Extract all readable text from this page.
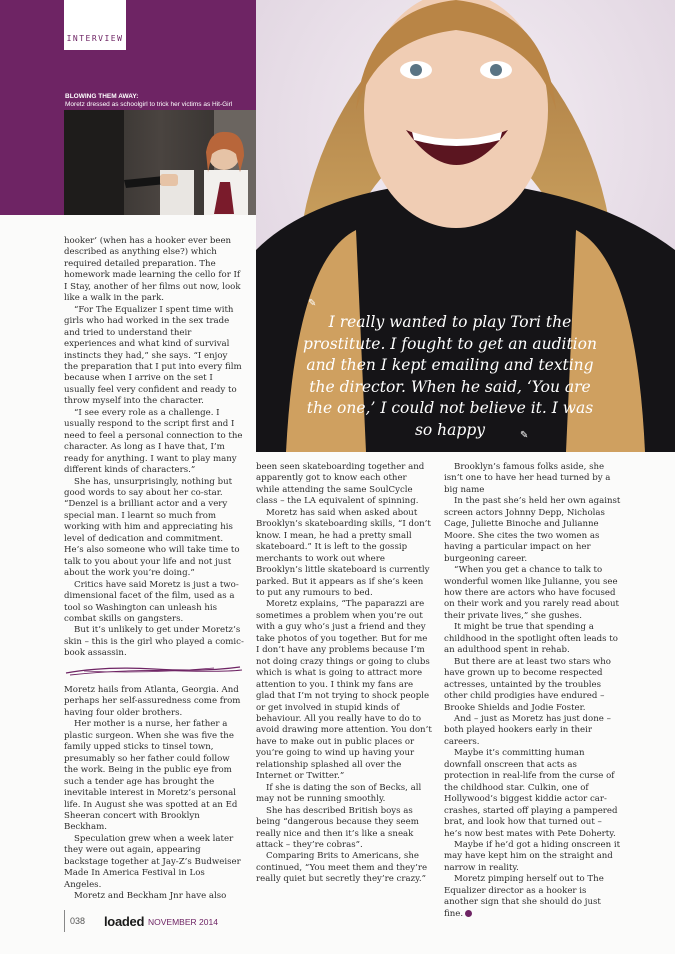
INTERVIEW
BLOWING THEM AWAY:
Moretz dressed as schoolgirl to trick her victims as Hit-Girl
✎
I really wanted to play Tori the prostitute. I fought to get an audition and then I kept emailing and texting the director. When he said, ‘You are the one,’ I could not believe it. I was so happy	✎

hooker’ (when has a hooker ever been described as anything else?) which required detailed preparation. The homework made learning the cello for If I Stay, another of her films out now, look like a walk in the park.

“For The Equalizer I spent time with girls who had worked in the sex trade and tried to understand their experiences and what kind of survival instincts they had,” she says. “I enjoy the preparation that I put into every film because when I arrive on the set I usually feel very confident and ready to throw myself into the character.

“I see every role as a challenge. I usually respond to the script first and I need to feel a personal connection to the character. As long as I have that, I’m ready for anything. I want to play many different kinds of characters.”

She has, unsurprisingly, nothing but good words to say about her co-star. “Denzel is a brilliant actor and a very special man. I learnt so much from working with him and appreciating his level of dedication and commitment. He’s also someone who will take time to talk to you about your life and not just about the work you’re doing.”

Critics have said Moretz is just a two-dimensional facet of the film, used as a tool so Washington can unleash his combat skills on gangsters.

But it’s unlikely to get under Moretz’s skin – this is the girl who played a comic-book assassin.

Moretz hails from Atlanta, Georgia. And perhaps her self-assuredness come from having four older brothers.

Her mother is a nurse, her father a plastic surgeon. When she was five the family upped sticks to tinsel town, presumably so her father could follow the work. Being in the public eye from such a tender age has brought the inevitable interest in Moretz’s personal life. In August she was spotted at an Ed Sheeran concert with Brooklyn Beckham.

Speculation grew when a week later they were out again, appearing backstage together at Jay-Z’s Budweiser Made In America Festival in Los Angeles.

Moretz and Beckham Jnr have also

been seen skateboarding together and apparently got to know each other while attending the same SoulCycle class – the LA equivalent of spinning.

Moretz has said when asked about Brooklyn’s skateboarding skills, “I don’t know. I mean, he had a pretty small skateboard.” It is left to the gossip merchants to work out where Brooklyn’s little skateboard is currently parked. But it appears as if she’s keen to put any rumours to bed.

Moretz explains, “The paparazzi are sometimes a problem when you’re out with a guy who’s just a friend and they take photos of you together. But for me I don’t have any problems because I’m not doing crazy things or going to clubs which is what is going to attract more attention to you. I think my fans are glad that I’m not trying to shock people or get involved in stupid kinds of behaviour. All you really have to do to avoid drawing more attention. You don’t have to make out in public places or you’re going to wind up having your relationship splashed all over the Internet or Twitter.”

If she is dating the son of Becks, all may not be running smoothly.

She has described British boys as being “dangerous because they seem really nice and then it’s like a sneak attack – they’re cobras”.

Comparing Brits to Americans, she continued, “You meet them and they’re really quiet but secretly they’re crazy.”

Brooklyn’s famous folks aside, she isn’t one to have her head turned by a big name

In the past she’s held her own against screen actors Johnny Depp, Nicholas Cage, Juliette Binoche and Julianne Moore. She cites the two women as having a particular impact on her burgeoning career.

“When you get a chance to talk to wonderful women like Julianne, you see how there are actors who have focused on their work and you rarely read about their private lives,” she gushes.

It might be true that spending a childhood in the spotlight often leads to an adulthood spent in rehab.

But there are at least two stars who have grown up to become respected actresses, untainted by the troubles other child prodigies have endured – Brooke Shields and Jodie Foster.

And – just as Moretz has just done – both played hookers early in their careers.

Maybe it’s committing human downfall onscreen that acts as protection in real-life from the curse of the childhood star. Culkin, one of Hollywood’s biggest kiddie actor car-crashes, started off playing a pampered brat, and look how that turned out – he’s now best mates with Pete Doherty.

Maybe if he’d got a hiding onscreen it may have kept him on the straight and narrow in reality.

Moretz pimping herself out to The Equalizer director as a hooker is another sign that she should do just fine.

038 loaded NOVEMBER 2014
